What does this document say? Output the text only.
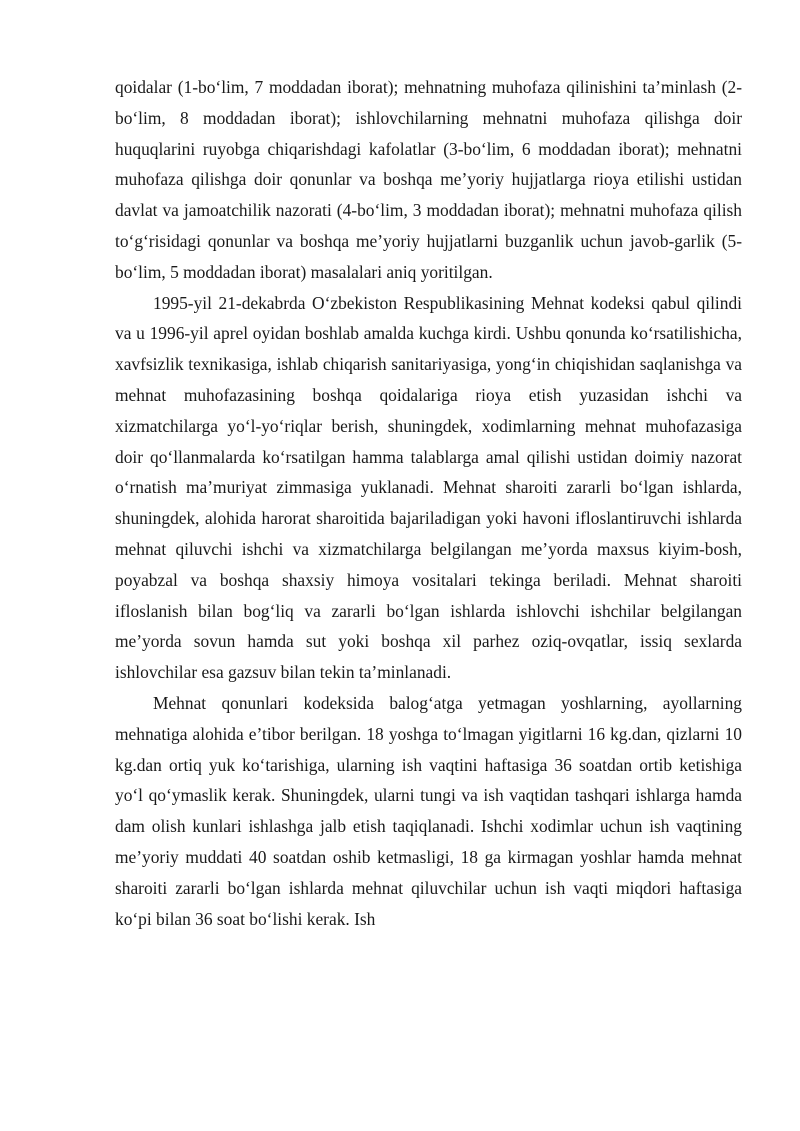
qoidalar (1-bo‘lim, 7 moddadan iborat); mehnatning muhofaza qilinishini ta’minlash (2-bo‘lim, 8 moddadan iborat); ishlovchilarning mehnatni muhofaza qilishga doir huquqlarini ruyobga chiqarishdagi kafolatlar (3-bo‘lim, 6 moddadan iborat); mehnatni muhofaza qilishga doir qonunlar va boshqa me’yoriy hujjatlarga rioya etilishi ustidan davlat va jamoatchilik nazorati (4-bo‘lim, 3 moddadan iborat); mehnatni muhofaza qilish to‘g‘risidagi qonunlar va boshqa me’yoriy hujjatlarni buzganlik uchun javob-garlik (5-bo‘lim, 5 moddadan iborat) masalalari aniq yoritilgan.

1995-yil 21-dekabrda O‘zbekiston Respublikasining Mehnat kodeksi qabul qilindi va u 1996-yil aprel oyidan boshlab amalda kuchga kirdi. Ushbu qonunda ko‘rsatilishicha, xavfsizlik texnikasiga, ishlab chiqarish sanitariyasiga, yong‘in chiqishidan saqlanishga va mehnat muhofazasining boshqa qoidalariga rioya etish yuzasidan ishchi va xizmatchilarga yo‘l-yo‘riqlar berish, shuningdek, xodimlarning mehnat muhofazasiga doir qo‘llanmalarda ko‘rsatilgan hamma talablarga amal qilishi ustidan doimiy nazorat o‘rnatish ma’muriyat zimmasiga yuklanadi. Mehnat sharoiti zararli bo‘lgan ishlarda, shuningdek, alohida harorat sharoitida bajariladigan yoki havoni ifloslantiruvchi ishlarda mehnat qiluvchi ishchi va xizmatchilarga belgilangan me’yorda maxsus kiyim-bosh, poyabzal va boshqa shaxsiy himoya vositalari tekinga beriladi. Mehnat sharoiti ifloslanish bilan bog‘liq va zararli bo‘lgan ishlarda ishlovchi ishchilar belgilangan me’yorda sovun hamda sut yoki boshqa xil parhez oziq-ovqatlar, issiq sexlarda ishlovchilar esa gazsuv bilan tekin ta’minlanadi.

Mehnat qonunlari kodeksida balog‘atga yetmagan yoshlarning, ayollarning mehnatiga alohida e’tibor berilgan. 18 yoshga to‘lmagan yigitlarni 16 kg.dan, qizlarni 10 kg.dan ortiq yuk ko‘tarishiga, ularning ish vaqtini haftasiga 36 soatdan ortib ketishiga yo‘l qo‘ymaslik kerak. Shuningdek, ularni tungi va ish vaqtidan tashqari ishlarga hamda dam olish kunlari ishlashga jalb etish taqiqlanadi. Ishchi xodimlar uchun ish vaqtining me’yoriy muddati 40 soatdan oshib ketmasligi, 18 ga kirmagan yoshlar hamda mehnat sharoiti zararli bo‘lgan ishlarda mehnat qiluvchilar uchun ish vaqti miqdori haftasiga ko‘pi bilan 36 soat bo‘lishi kerak. Ish
